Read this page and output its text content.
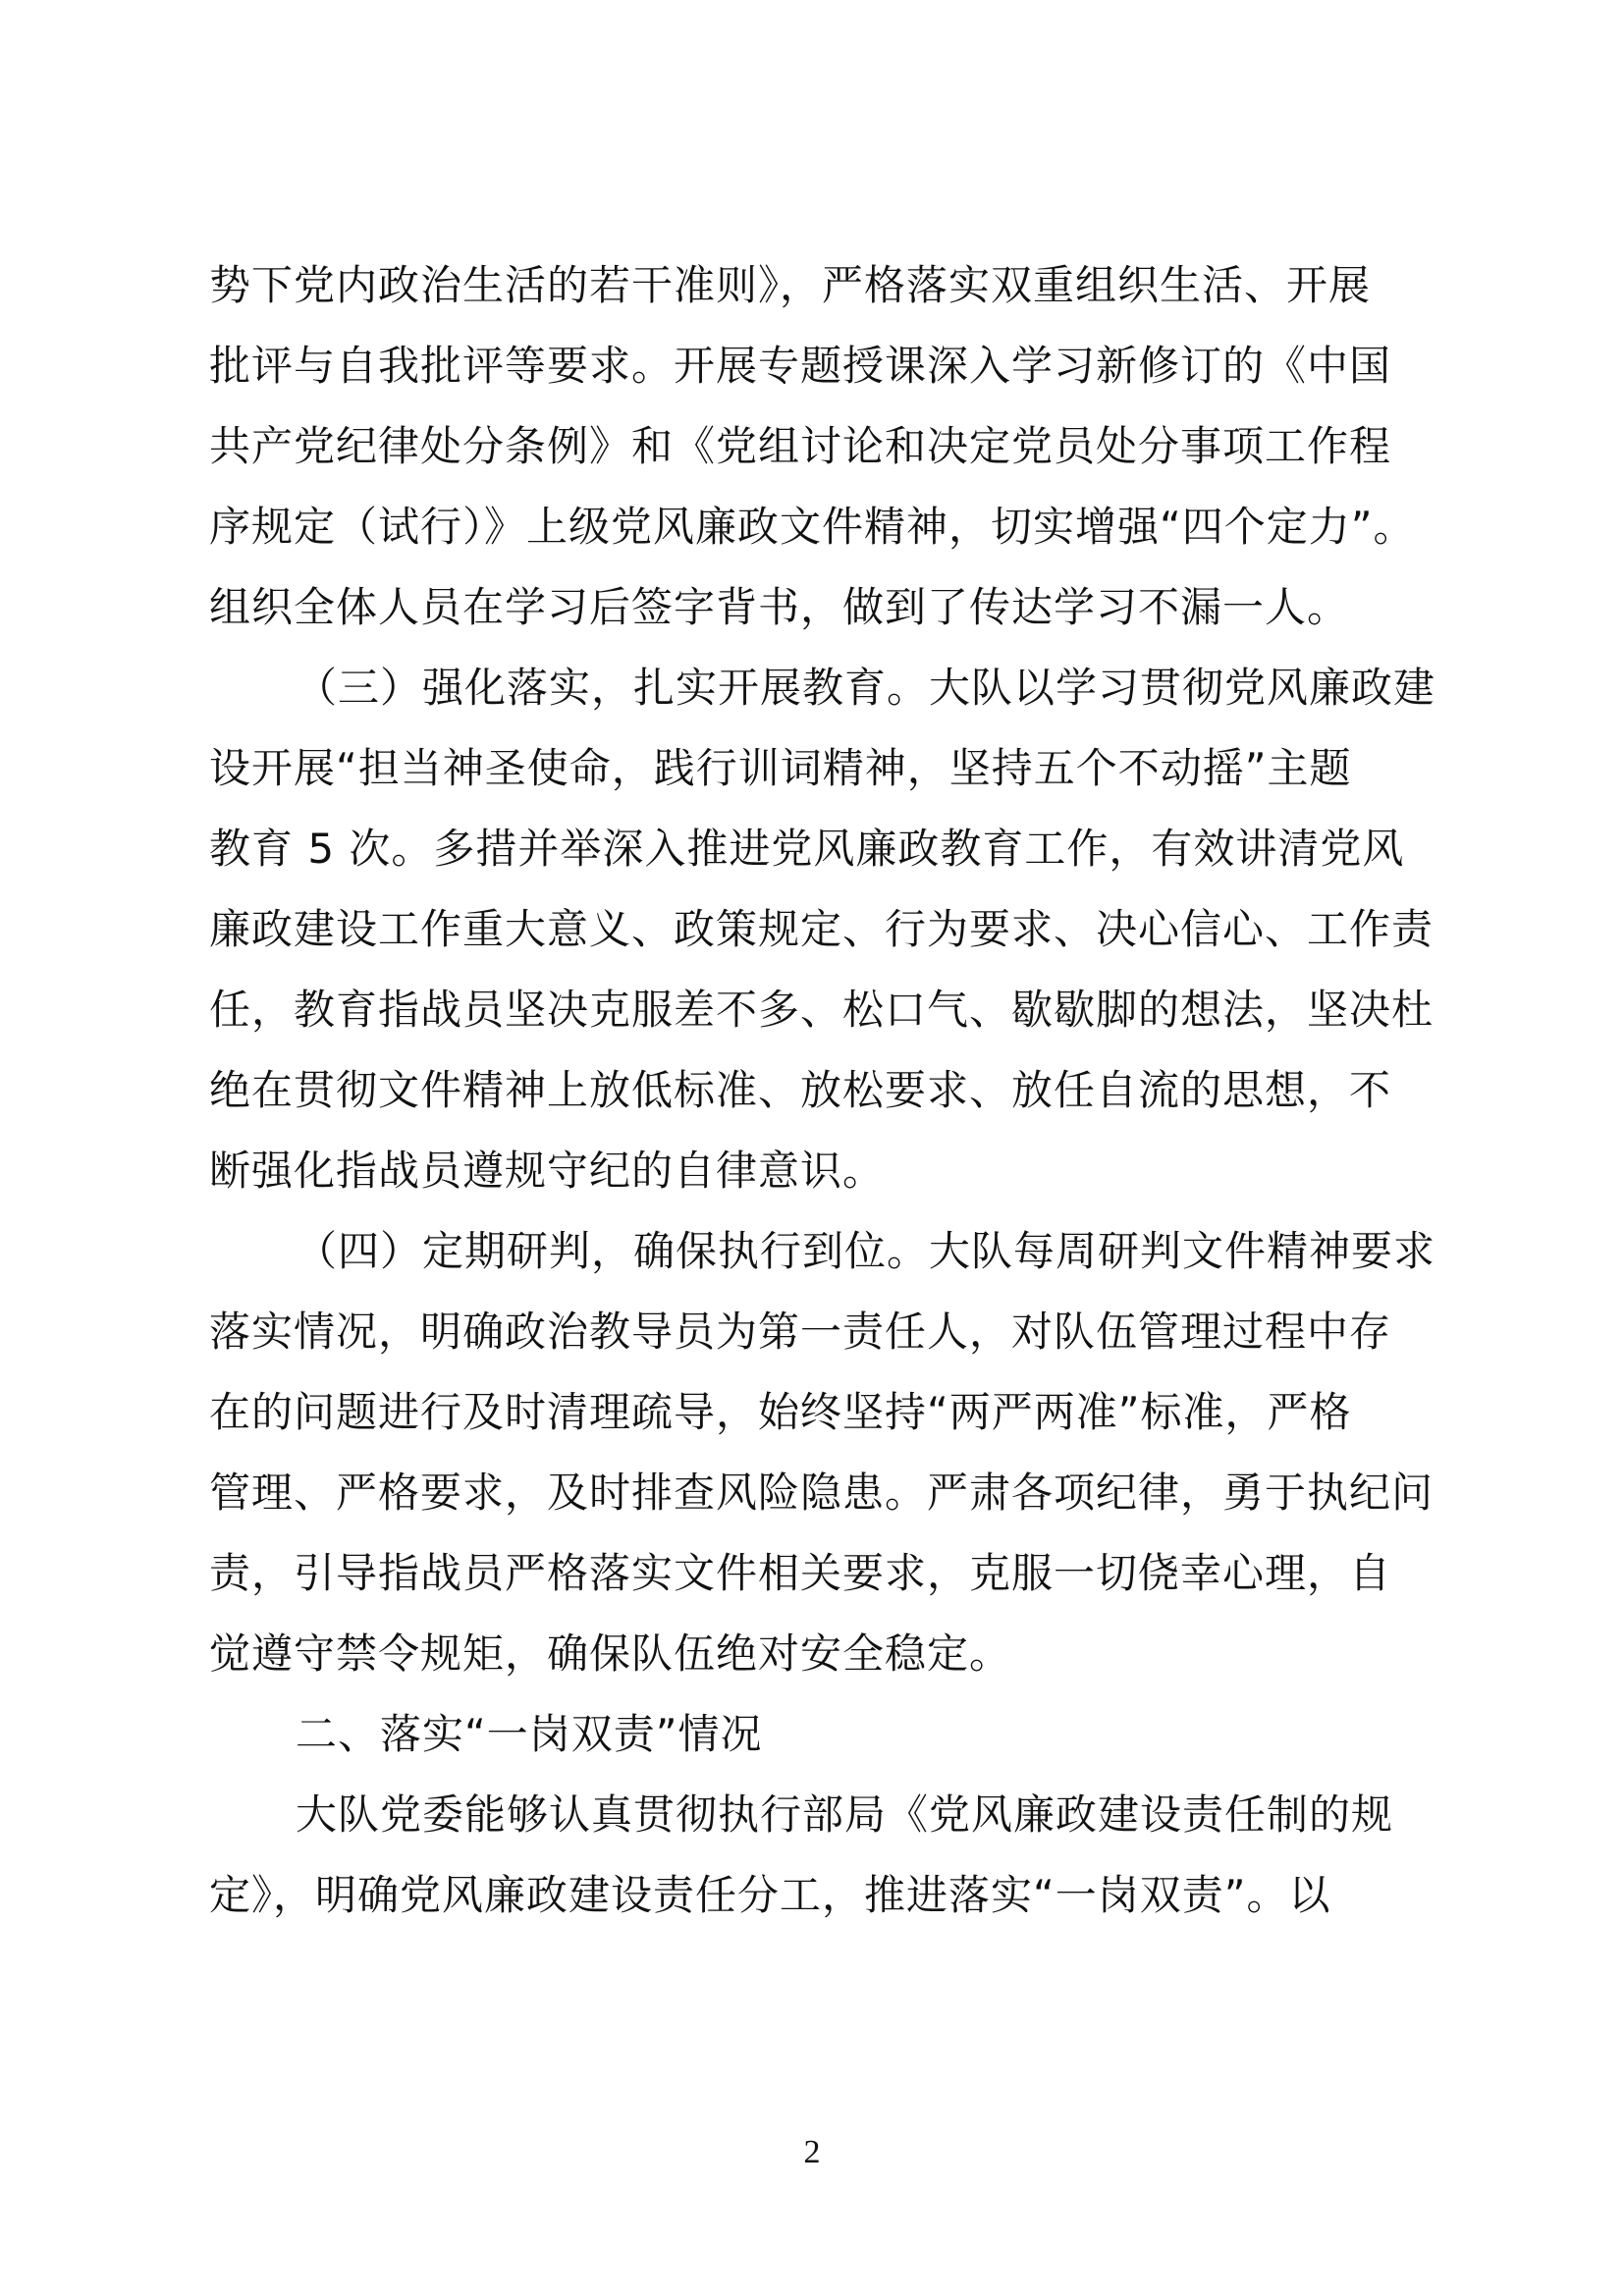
势下党内政治生活的若干准则》，严格落实双重组织生活、开展
批评与自我批评等要求。开展专题授课深入学习新修订的《中国
共产党纪律处分条例》和《党组讨论和决定党员处分事项工作程
序规定（试行）》上级党风廉政文件精神，切实增强“四个定力”。
组织全体人员在学习后签字背书，做到了传达学习不漏一人。
（三）强化落实，扎实开展教育。大队以学习贯彻党风廉政建
设开展“担当神圣使命，践行训词精神，坚持五个不动摇”主题
教育 5 次。多措并举深入推进党风廉政教育工作，有效讲清党风
廉政建设工作重大意义、政策规定、行为要求、决心信心、工作责
任，教育指战员坚决克服差不多、松口气、歇歇脚的想法，坚决杜
绝在贯彻文件精神上放低标准、放松要求、放任自流的思想，不
断强化指战员遵规守纪的自律意识。
（四）定期研判，确保执行到位。大队每周研判文件精神要求
落实情况，明确政治教导员为第一责任人，对队伍管理过程中存
在的问题进行及时清理疏导，始终坚持“两严两准”标准，严格
管理、严格要求，及时排查风险隐患。严肃各项纪律，勇于执纪问
责，引导指战员严格落实文件相关要求，克服一切侥幸心理，自
觉遵守禁令规矩，确保队伍绝对安全稳定。
二、落实“一岗双责”情况
大队党委能够认真贯彻执行部局《党风廉政建设责任制的规
定》，明确党风廉政建设责任分工，推进落实“一岗双责”。以
2
